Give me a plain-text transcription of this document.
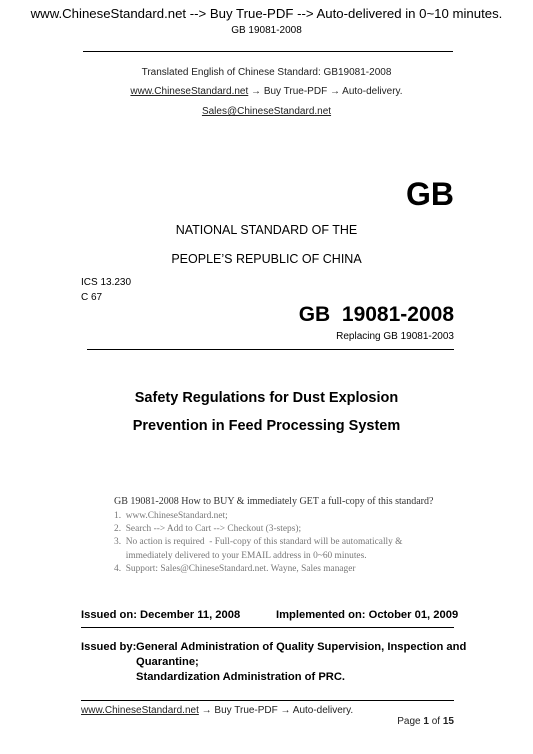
www.ChineseStandard.net --> Buy True-PDF --> Auto-delivered in 0~10 minutes.
GB 19081-2008
Translated English of Chinese Standard: GB19081-2008
www.ChineseStandard.net → Buy True-PDF → Auto-delivery.
Sales@ChineseStandard.net
GB
NATIONAL STANDARD OF THE
PEOPLE’S REPUBLIC OF CHINA
ICS 13.230
C 67
GB  19081-2008
Replacing GB 19081-2003
Safety Regulations for Dust Explosion
Prevention in Feed Processing System
GB 19081-2008 How to BUY & immediately GET a full-copy of this standard?
1.  www.ChineseStandard.net;
2.  Search --> Add to Cart --> Checkout (3-steps);
3.  No action is required  - Full-copy of this standard will be automatically &
immediately delivered to your EMAIL address in 0~60 minutes.
4.  Support: Sales@ChineseStandard.net. Wayne, Sales manager
Issued on: December 11, 2008	Implemented on: October 01, 2009
Issued by:
General Administration of Quality Supervision, Inspection and
Quarantine;
Standardization Administration of PRC.
www.ChineseStandard.net → Buy True-PDF → Auto-delivery.

Page 1 of 15
